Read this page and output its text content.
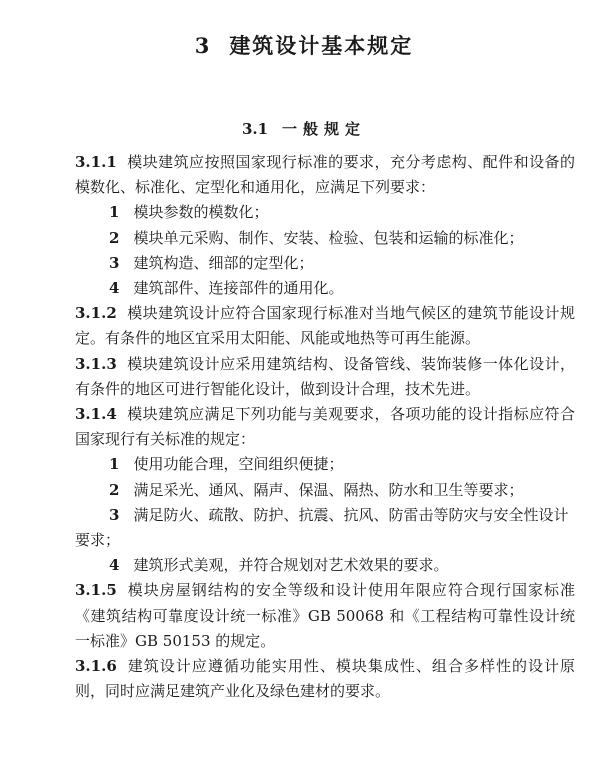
3 建筑设计基本规定
3.1 一般规定

3.1.1 模块建筑应按照国家现行标准的要求，充分考虑构、配件和设备的模数化、标准化、定型化和通用化，应满足下列要求：

1 模块参数的模数化；

2 模块单元采购、制作、安装、检验、包装和运输的标准化；

3 建筑构造、细部的定型化；

4 建筑部件、连接部件的通用化。

3.1.2 模块建筑设计应符合国家现行标准对当地气候区的建筑节能设计规定。有条件的地区宜采用太阳能、风能或地热等可再生能源。

3.1.3 模块建筑设计应采用建筑结构、设备管线、装饰装修一体化设计，有条件的地区可进行智能化设计，做到设计合理，技术先进。

3.1.4 模块建筑应满足下列功能与美观要求，各项功能的设计指标应符合国家现行有关标准的规定：

1 使用功能合理，空间组织便捷；

2 满足采光、通风、隔声、保温、隔热、防水和卫生等要求；

3 满足防火、疏散、防护、抗震、抗风、防雷击等防灾与安全性设计要求；

4 建筑形式美观，并符合规划对艺术效果的要求。

3.1.5 模块房屋钢结构的安全等级和设计使用年限应符合现行国家标准《建筑结构可靠度设计统一标准》GB 50068 和《工程结构可靠性设计统一标准》GB 50153 的规定。

3.1.6 建筑设计应遵循功能实用性、模块集成性、组合多样性的设计原则，同时应满足建筑产业化及绿色建材的要求。
